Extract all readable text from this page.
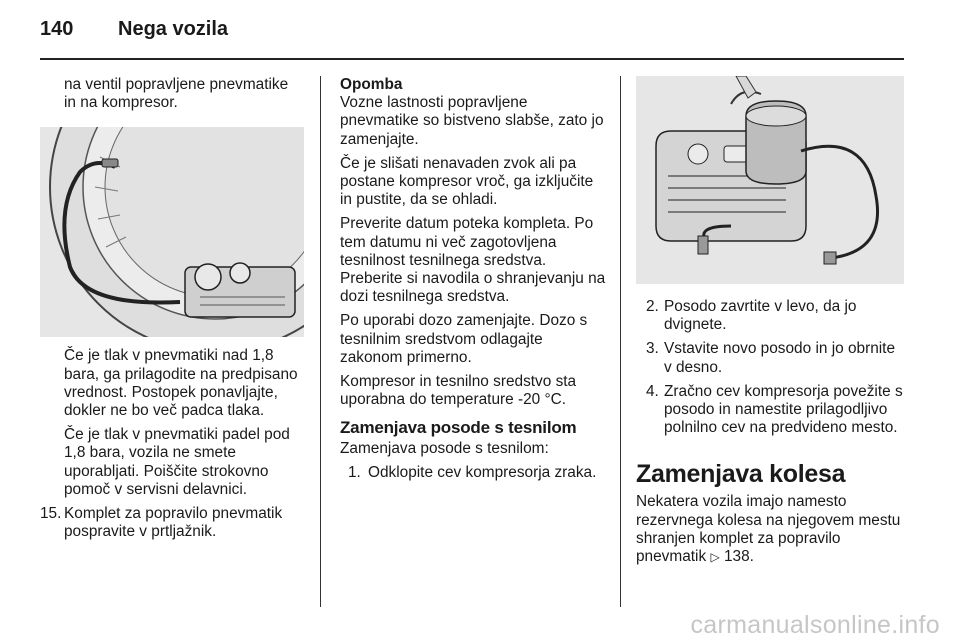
140 Nega vozila

na ventil popravljene pnevmatike in na kompresor.

Če je tlak v pnevmatiki nad 1,8 bara, ga prilagodite na predpisano vrednost. Postopek ponavljajte, dokler ne bo več padca tlaka.

Če je tlak v pnevmatiki padel pod 1,8 bara, vozila ne smete uporabljati. Poiščite strokovno pomoč v servisni delavnici.

15. Komplet za popravilo pnevmatik pospravite v prtljažnik.
Opomba

Vozne lastnosti popravljene pnevmatike so bistveno slabše, zato jo zamenjajte.

Če je slišati nenavaden zvok ali pa postane kompresor vroč, ga izključite in pustite, da se ohladi.

Preverite datum poteka kompleta. Po tem datumu ni več zagotovljena tesnilnost tesnilnega sredstva. Preberite si navodila o shranjevanju na dozi tesnilnega sredstva.

Po uporabi dozo zamenjajte. Dozo s tesnilnim sredstvom odlagajte zakonom primerno.

Kompresor in tesnilno sredstvo sta uporabna do temperature -20 °C.

Zamenjava posode s tesnilom

Zamenjava posode s tesnilom:

1. Odklopite cev kompresorja zraka.
2. Posodo zavrtite v levo, da jo dvignete.
3. Vstavite novo posodo in jo obrnite v desno.
4. Zračno cev kompresorja povežite s posodo in namestite prilagodljivo polnilno cev na predvideno mesto.
Zamenjava kolesa

Nekatera vozila imajo namesto rezervnega kolesa na njegovem mestu shranjen komplet za popravilo pnevmatik ▷ 138.

carmanualsonline.info
